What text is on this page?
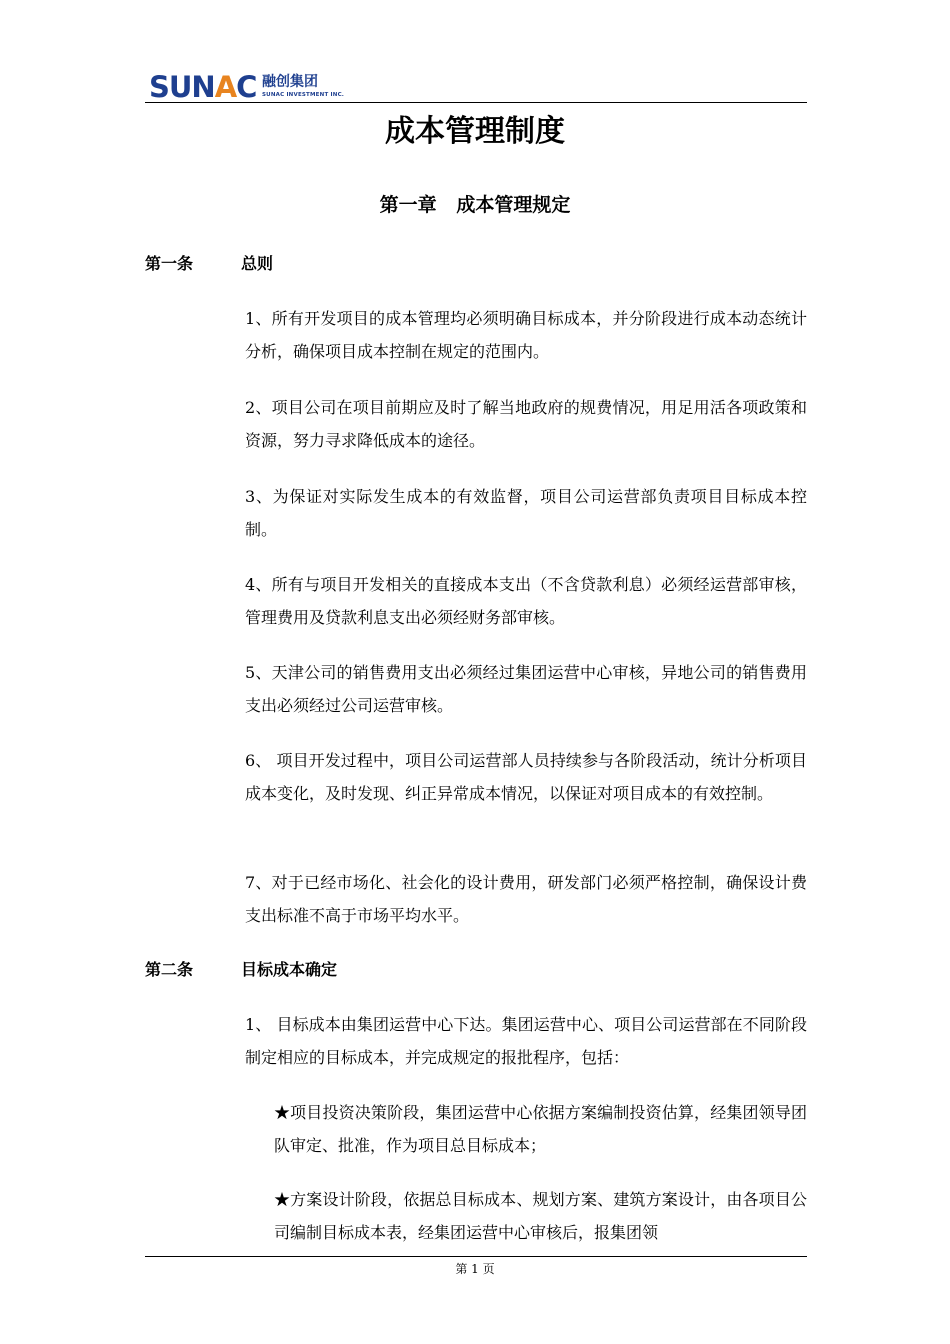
SUNAC 融创集团
SUNAC INVESTMENT INC.
成本管理制度
第一章   成本管理规定
第一条	总则
1、所有开发项目的成本管理均必须明确目标成本，并分阶段进行成本动态统计分析，确保项目成本控制在规定的范围内。
2、项目公司在项目前期应及时了解当地政府的规费情况，用足用活各项政策和资源，努力寻求降低成本的途径。
3、为保证对实际发生成本的有效监督，项目公司运营部负责项目目标成本控制。
4、所有与项目开发相关的直接成本支出（不含贷款利息）必须经运营部审核，管理费用及贷款利息支出必须经财务部审核。
5、天津公司的销售费用支出必须经过集团运营中心审核，异地公司的销售费用支出必须经过公司运营审核。
6、 项目开发过程中，项目公司运营部人员持续参与各阶段活动，统计分析项目成本变化，及时发现、纠正异常成本情况，以保证对项目成本的有效控制。
7、对于已经市场化、社会化的设计费用，研发部门必须严格控制，确保设计费支出标准不高于市场平均水平。
第二条	目标成本确定
1、 目标成本由集团运营中心下达。集团运营中心、项目公司运营部在不同阶段制定相应的目标成本，并完成规定的报批程序，包括：
★项目投资决策阶段，集团运营中心依据方案编制投资估算，经集团领导团队审定、批准，作为项目总目标成本；
★方案设计阶段，依据总目标成本、规划方案、建筑方案设计，由各项目公司编制目标成本表，经集团运营中心审核后，报集团领
第 1 页
